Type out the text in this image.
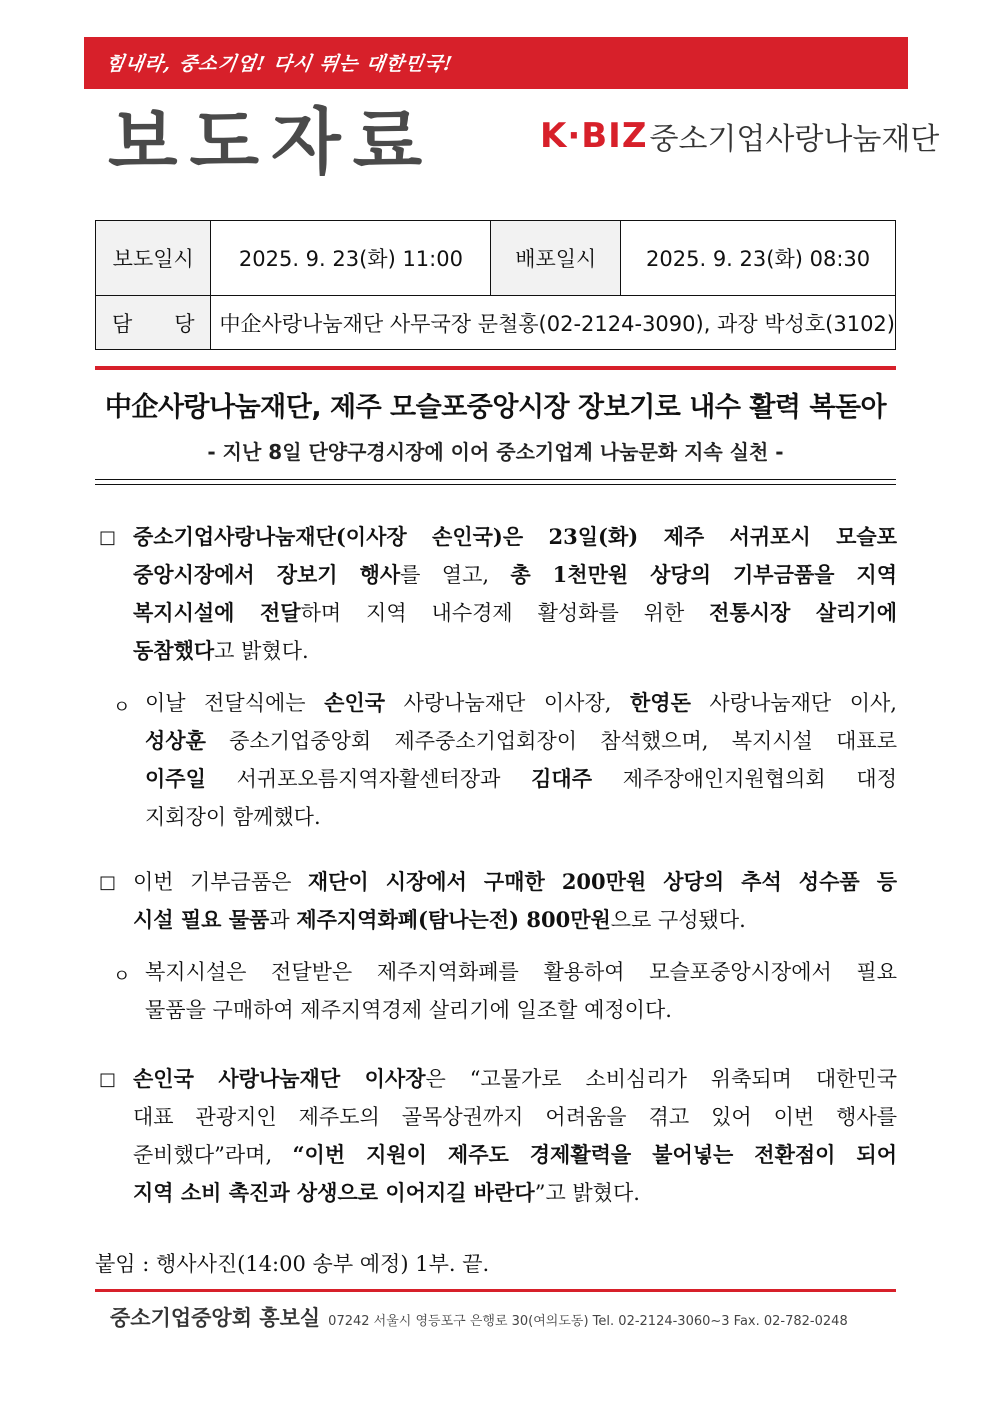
힘내라, 중소기업! 다시 뛰는 대한민국!
보도자료	K·BIZ중소기업사랑나눔재단
보도일시	2025. 9. 23(화) 11:00	배포일시	2025. 9. 23(화) 08:30
담　　당	中企사랑나눔재단 사무국장 문철홍(02-2124-3090), 과장 박성호(3102)		
中企사랑나눔재단, 제주 모슬포중앙시장 장보기로 내수 활력 복돋아
- 지난 8일 단양구경시장에 이어 중소기업계 나눔문화 지속 실천 -
□ 중소기업사랑나눔재단(이사장 손인국)은 23일(화) 제주 서귀포시 모슬포
중앙시장에서 장보기 행사를 열고, 총 1천만원 상당의 기부금품을 지역
복지시설에 전달하며 지역 내수경제 활성화를 위한 전통시장 살리기에
동참했다고 밝혔다.
ㅇ 이날 전달식에는 손인국 사랑나눔재단 이사장, 한영돈 사랑나눔재단 이사,
성상훈 중소기업중앙회 제주중소기업회장이 참석했으며, 복지시설 대표로
이주일 서귀포오름지역자활센터장과 김대주 제주장애인지원협의회 대정
지회장이 함께했다.
□ 이번 기부금품은 재단이 시장에서 구매한 200만원 상당의 추석 성수품 등
시설 필요 물품과 제주지역화폐(탐나는전) 800만원으로 구성됐다.
ㅇ 복지시설은 전달받은 제주지역화폐를 활용하여 모슬포중앙시장에서 필요
물품을 구매하여 제주지역경제 살리기에 일조할 예정이다.
□ 손인국 사랑나눔재단 이사장은 “고물가로 소비심리가 위축되며 대한민국
대표 관광지인 제주도의 골목상권까지 어려움을 겪고 있어 이번 행사를
준비했다”라며, “이번 지원이 제주도 경제활력을 불어넣는 전환점이 되어
지역 소비 촉진과 상생으로 이어지길 바란다”고 밝혔다.
붙임 : 행사사진(14:00 송부 예정) 1부. 끝.
중소기업중앙회 홍보실 07242 서울시 영등포구 은행로 30(여의도동) Tel. 02-2124-3060~3 Fax. 02-782-0248
